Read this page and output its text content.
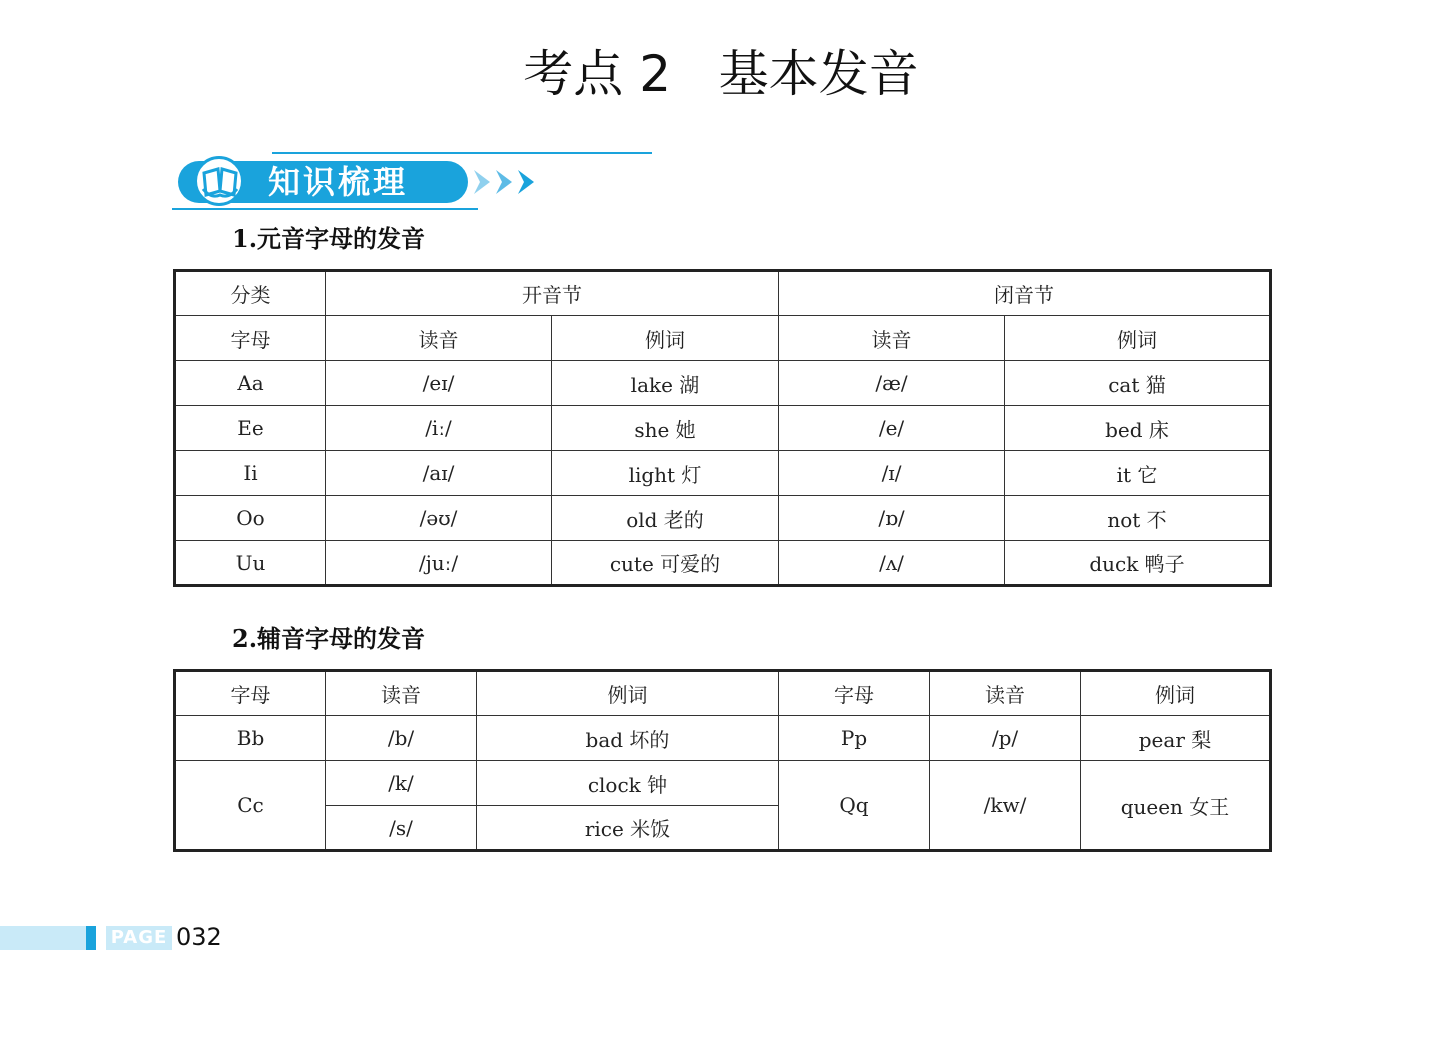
考点 2   基本发音
知识梳理
1.元音字母的发音
分类	开音节		闭音节	
字母	读音	例词	读音	例词
Aa	/eɪ/	lake 湖	/æ/	cat 猫
Ee	/iː/	she 她	/e/	bed 床
Ii	/aɪ/	light 灯	/ɪ/	it 它
Oo	/əʊ/	old 老的	/ɒ/	not 不
Uu	/juː/	cute 可爱的	/ʌ/	duck 鸭子
2.辅音字母的发音
字母	读音	例词	字母	读音	例词
Bb	/b/	bad 坏的	Pp	/p/	pear 梨
Cc	/k/	clock 钟	Qq	/kw/	queen 女王
	/s/	rice 米饭			
PAGE 032
